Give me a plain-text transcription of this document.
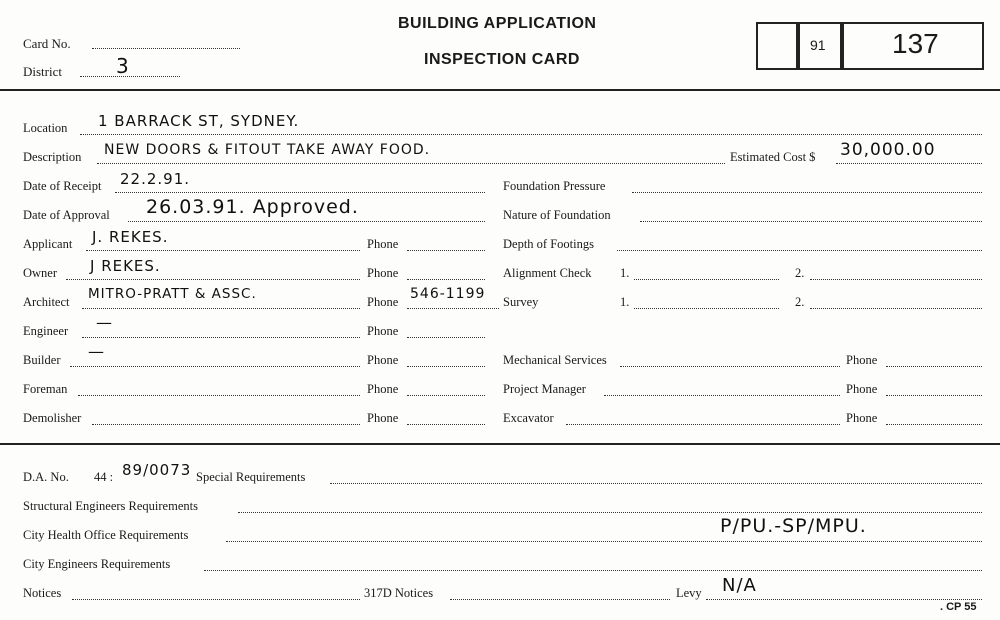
Card No.
District	3
BUILDING APPLICATION
INSPECTION CARD
91 137
Location 1 BARRACK ST, SYDNEY.
Description NEW DOORS & FITOUT TAKE AWAY FOOD.	Estimated Cost $ 30,000.00
Date of Receipt 22.2.91.
Date of Approval 26.03.91. Approved.
Applicant J. REKES.	Phone
Owner J REKES.	Phone
Architect MITRO-PRATT & ASSC.	Phone 546-1199
Engineer —	Phone
Builder —	Phone
Foreman	Phone
Demolisher	Phone
Foundation Pressure
Nature of Foundation
Depth of Footings
Alignment Check 1.	2.
Survey	1.	2.
Mechanical Services	Phone
Project Manager	Phone
Excavator	Phone
D.A. No. 44 : 89/0073 Special Requirements
Structural Engineers Requirements
City Health Office Requirements	P/PU.-SP/MPU.
City Engineers Requirements
Notices	317D Notices	Levy N/A
. CP 55
